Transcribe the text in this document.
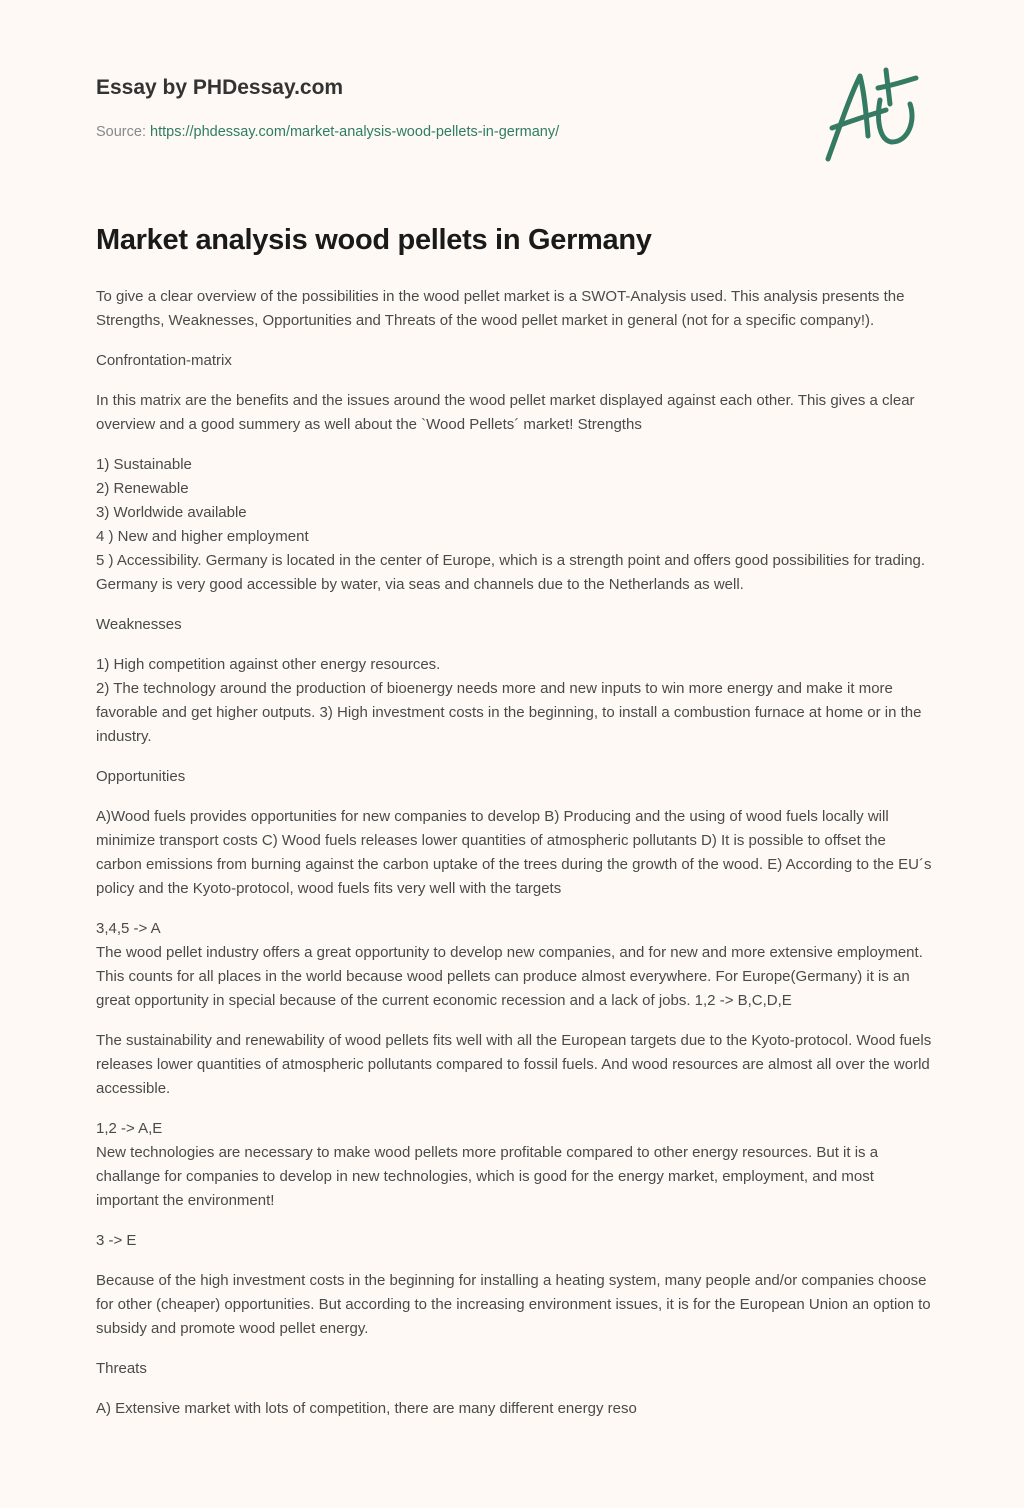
Essay by PHDessay.com
Source: https://phdessay.com/market-analysis-wood-pellets-in-germany/
Market analysis wood pellets in Germany

To give a clear overview of the possibilities in the wood pellet market is a SWOT-Analysis used. This analysis presents the Strengths, Weaknesses, Opportunities and Threats of the wood pellet market in general (not for a specific company!).

Confrontation-matrix

In this matrix are the benefits and the issues around the wood pellet market displayed against each other. This gives a clear overview and a good summery as well about the `Wood Pellets´ market! Strengths

1) Sustainable
2) Renewable
3) Worldwide available
4 ) New and higher employment
5 ) Accessibility. Germany is located in the center of Europe, which is a strength point and offers good possibilities for trading. Germany is very good accessible by water, via seas and channels due to the Netherlands as well.

Weaknesses

1) High competition against other energy resources.
2) The technology around the production of bioenergy needs more and new inputs to win more energy and make it more favorable and get higher outputs. 3) High investment costs in the beginning, to install a combustion furnace at home or in the industry.

Opportunities

A)Wood fuels provides opportunities for new companies to develop B) Producing and the using of wood fuels locally will minimize transport costs C) Wood fuels releases lower quantities of atmospheric pollutants D) It is possible to offset the carbon emissions from burning against the carbon uptake of the trees during the growth of the wood. E) According to the EU´s policy and the Kyoto-protocol, wood fuels fits very well with the targets

3,4,5 -> A
The wood pellet industry offers a great opportunity to develop new companies, and for new and more extensive employment. This counts for all places in the world because wood pellets can produce almost everywhere. For Europe(Germany) it is an great opportunity in special because of the current economic recession and a lack of jobs. 1,2 -> B,C,D,E

The sustainability and renewability of wood pellets fits well with all the European targets due to the Kyoto-protocol. Wood fuels releases lower quantities of atmospheric pollutants compared to fossil fuels. And wood resources are almost all over the world accessible.

1,2 -> A,E
New technologies are necessary to make wood pellets more profitable compared to other energy resources. But it is a challange for companies to develop in new technologies, which is good for the energy market, employment, and most important the environment!

3 -> E

Because of the high investment costs in the beginning for installing a heating system, many people and/or companies choose for other (cheaper) opportunities. But according to the increasing environment issues, it is for the European Union an option to subsidy and promote wood pellet energy.

Threats

A) Extensive market with lots of competition, there are many different energy reso
